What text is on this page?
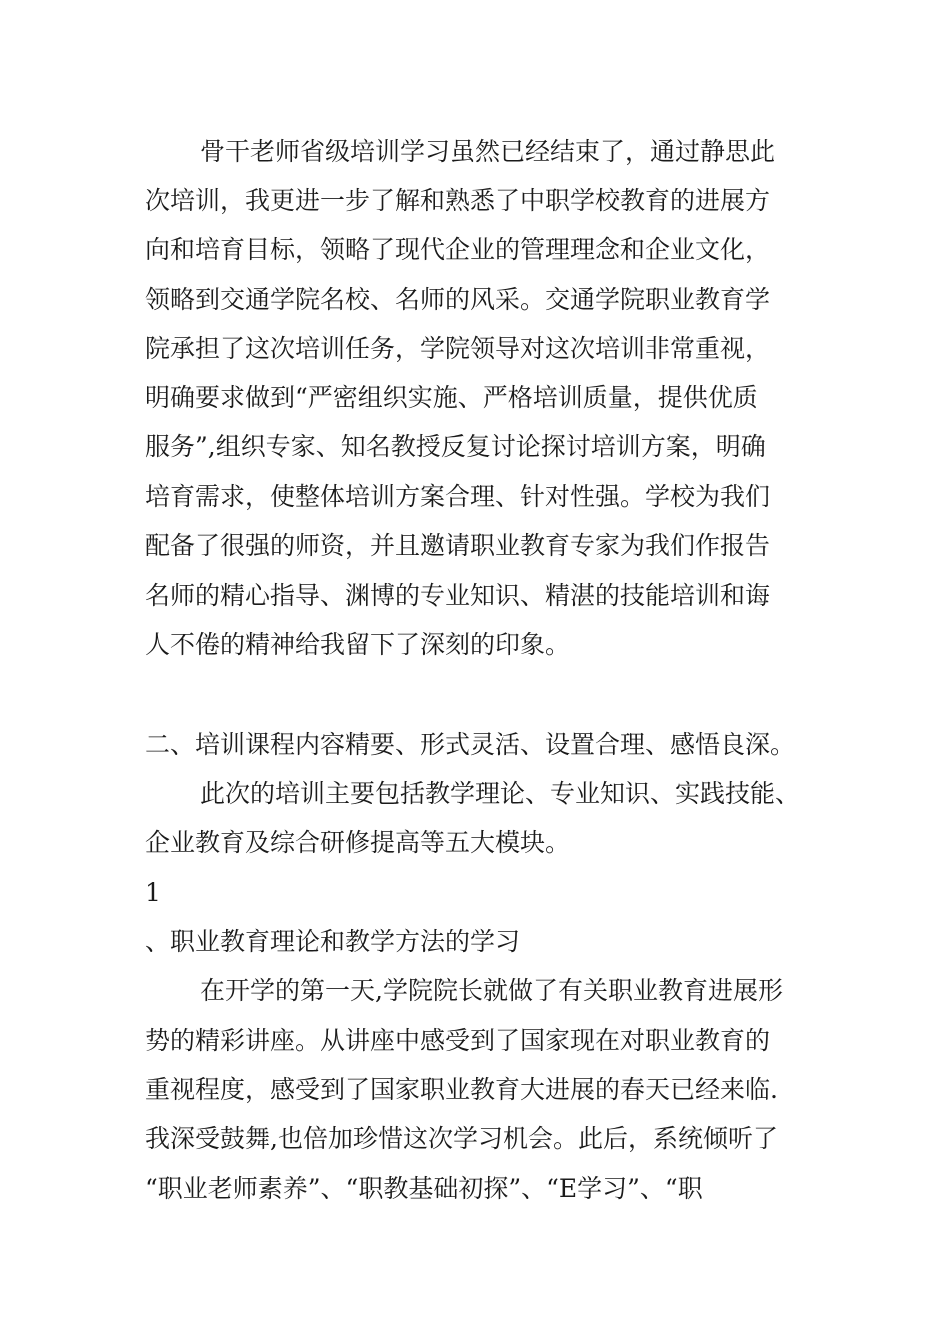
骨干老师省级培训学习虽然已经结束了，通过静思此

次培训，我更进一步了解和熟悉了中职学校教育的进展方

向和培育目标，领略了现代企业的管理理念和企业文化，

领略到交通学院名校、名师的风采。交通学院职业教育学

院承担了这次培训任务，学院领导对这次培训非常重视，

明确要求做到“严密组织实施、严格培训质量，提供优质

服务”,组织专家、知名教授反复讨论探讨培训方案，明确

培育需求，使整体培训方案合理、针对性强。学校为我们

配备了很强的师资，并且邀请职业教育专家为我们作报告

名师的精心指导、渊博的专业知识、精湛的技能培训和诲

人不倦的精神给我留下了深刻的印象。

二、培训课程内容精要、形式灵活、设置合理、感悟良深。

此次的培训主要包括教学理论、专业知识、实践技能、

企业教育及综合研修提高等五大模块。

1

、职业教育理论和教学方法的学习

在开学的第一天,学院院长就做了有关职业教育进展形

势的精彩讲座。从讲座中感受到了国家现在对职业教育的

重视程度，感受到了国家职业教育大进展的春天已经来临.

我深受鼓舞,也倍加珍惜这次学习机会。此后，系统倾听了

“职业老师素养”、“职教基础初探”、“E学习”、“职
